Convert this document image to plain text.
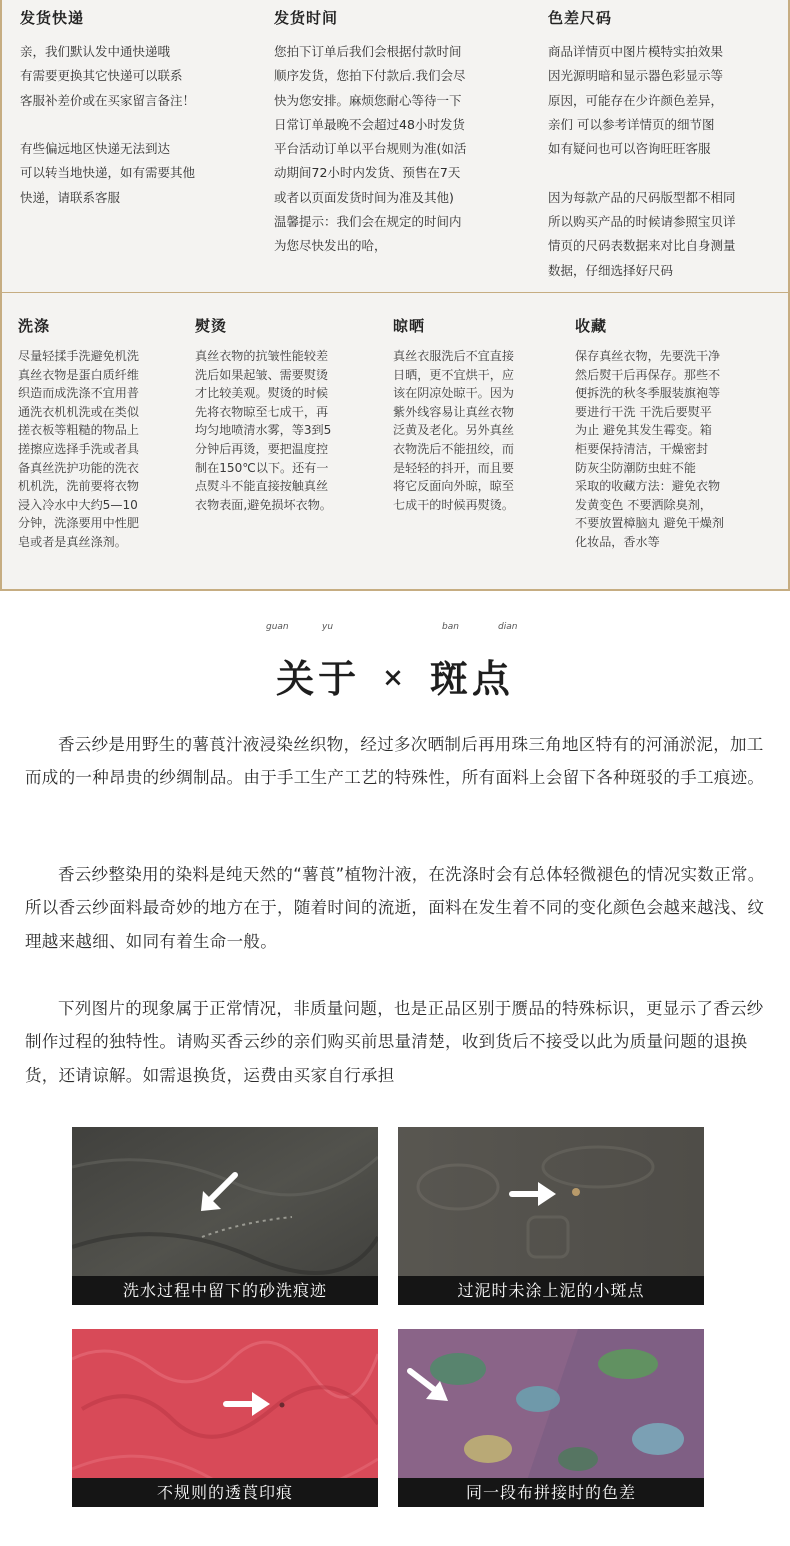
发货快递
亲，我们默认发中通快递哦
有需要更换其它快递可以联系
客服补差价或在买家留言备注！

有些偏远地区快递无法到达
可以转当地快递，如有需要其他
快递，请联系客服
发货时间
您拍下订单后我们会根据付款时间
顺序发货，您拍下付款后.我们会尽
快为您安排。麻烦您耐心等待一下
日常订单最晚不会超过48小时发货
平台活动订单以平台规则为准(如活
动期间72小时内发货、预售在7天
或者以页面发货时间为准及其他)
温馨提示：我们会在规定的时间内
为您尽快发出的哈，
色差尺码
商品详情页中图片模特实拍效果
因光源明暗和显示器色彩显示等
原因，可能存在少许颜色差异，
亲们 可以参考详情页的细节图
如有疑问也可以咨询旺旺客服

因为每款产品的尺码版型都不相同
所以购买产品的时候请参照宝贝详
情页的尺码表数据来对比自身测量
数据，仔细选择好尺码
洗涤
尽量轻揉手洗避免机洗
真丝衣物是蛋白质纤维
织造而成洗涤不宜用普
通洗衣机机洗或在类似
搓衣板等粗糙的物品上
搓擦应选择手洗或者具
备真丝洗护功能的洗衣
机机洗，洗前要将衣物
浸入冷水中大约5—10
分钟，洗涤要用中性肥
皂或者是真丝涤剂。
熨烫
真丝衣物的抗皱性能较差
洗后如果起皱、需要熨烫
才比较美观。熨烫的时候
先将衣物晾至七成干，再
均匀地喷清水雾，等3到5
分钟后再烫，要把温度控
制在150℃以下。还有一
点熨斗不能直接按触真丝
衣物表面,避免损坏衣物。
晾晒
真丝衣服洗后不宜直接
日晒，更不宜烘干，应
该在阴凉处晾干。因为
紫外线容易让真丝衣物
泛黄及老化。另外真丝
衣物洗后不能扭绞，而
是轻轻的抖开，而且要
将它反面向外晾，晾至
七成干的时候再熨烫。
收藏
保存真丝衣物，先要洗干净
然后熨干后再保存。那些不
便拆洗的秋冬季服装旗袍等
要进行干洗 干洗后要熨平
为止 避免其发生霉变。箱
柜要保持清洁，干燥密封
防灰尘防潮防虫蛀不能
采取的收藏方法：避免衣物
发黄变色 不要洒除臭剂，
不要放置樟脑丸 避免干燥剂
化妆品，香水等
guan	yu	ban	dian
关于 × 斑点

香云纱是用野生的薯莨汁液浸染丝织物，经过多次晒制后再用珠三角地区特有的河涌淤泥，加工而成的一种昂贵的纱绸制品。由于手工生产工艺的特殊性，所有面料上会留下各种斑驳的手工痕迹。

香云纱整染用的染料是纯天然的“薯莨”植物汁液，在洗涤时会有总体轻微褪色的情况实数正常。所以香云纱面料最奇妙的地方在于，随着时间的流逝，面料在发生着不同的变化颜色会越来越浅、纹理越来越细、如同有着生命一般。

下列图片的现象属于正常情况，非质量问题，也是正品区别于赝品的特殊标识，更显示了香云纱制作过程的独特性。请购买香云纱的亲们购买前思量清楚，收到货后不接受以此为质量问题的退换货，还请谅解。如需退换货，运费由买家自行承担

洗水过程中留下的砂洗痕迹	过泥时未涂上泥的小斑点
不规则的透莨印痕	同一段布拼接时的色差
